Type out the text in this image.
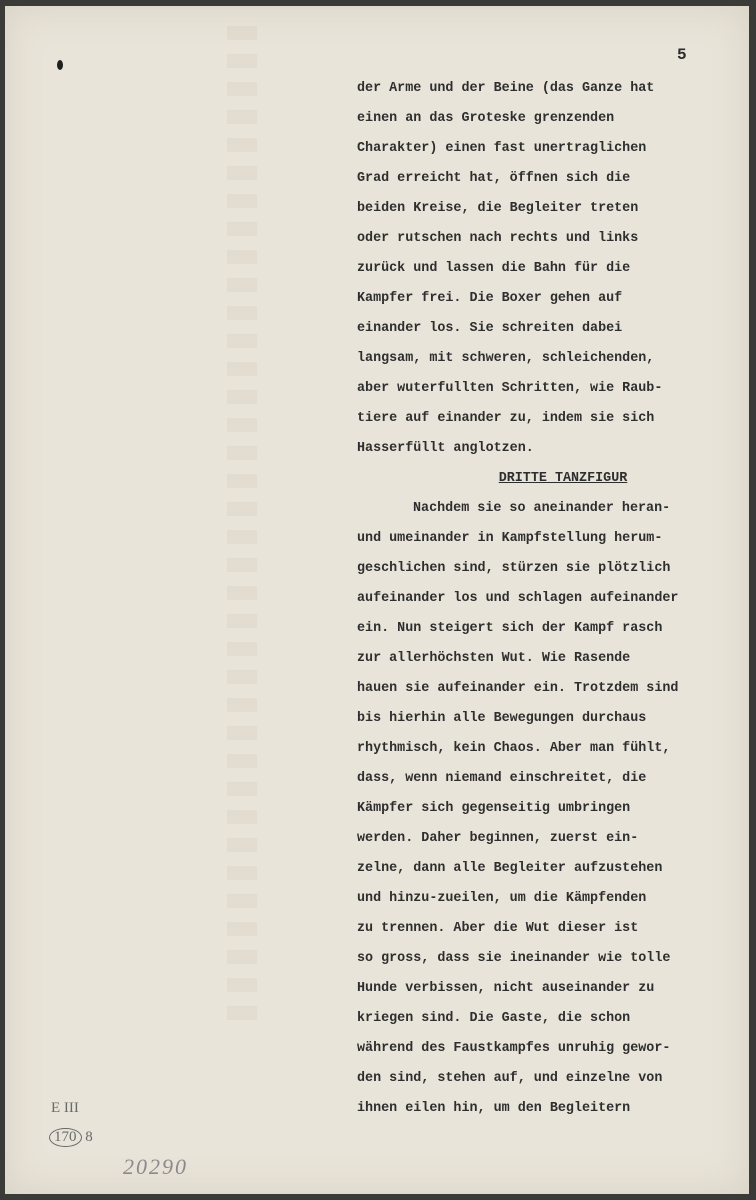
5
der Arme und der Beine (das Ganze hat
einen an das Groteske grenzenden
Charakter) einen fast unertraglichen
Grad erreicht hat, öffnen sich die
beiden Kreise, die Begleiter treten
oder rutschen nach rechts und links
zurück und lassen die Bahn für die
Kampfer frei. Die Boxer gehen auf
einander los. Sie schreiten dabei
langsam, mit schweren, schleichenden,
aber wuterfullten Schritten, wie Raub-
tiere auf einander zu, indem sie sich
Hasserfüllt anglotzen.
DRITTE TANZFIGUR
Nachdem sie so aneinander heran-
und umeinander in Kampfstellung herum-
geschlichen sind, stürzen sie plötzlich
aufeinander los und schlagen aufeinander
ein. Nun steigert sich der Kampf rasch
zur allerhöchsten Wut. Wie Rasende
hauen sie aufeinander ein. Trotzdem sind
bis hierhin alle Bewegungen durchaus
rhythmisch, kein Chaos. Aber man fühlt,
dass, wenn niemand einschreitet, die
Kämpfer sich gegenseitig umbringen
werden. Daher beginnen, zuerst ein-
zelne, dann alle Begleiter aufzustehen
und hinzu-zueilen, um die Kämpfenden
zu trennen. Aber die Wut dieser ist
so gross, dass sie ineinander wie tolle
Hunde verbissen, nicht auseinander zu
kriegen sind. Die Gaste, die schon
während des Faustkampfes unruhig gewor-
den sind, stehen auf, und einzelne von
ihnen eilen hin, um den Begleitern
E III
170 8
20290
